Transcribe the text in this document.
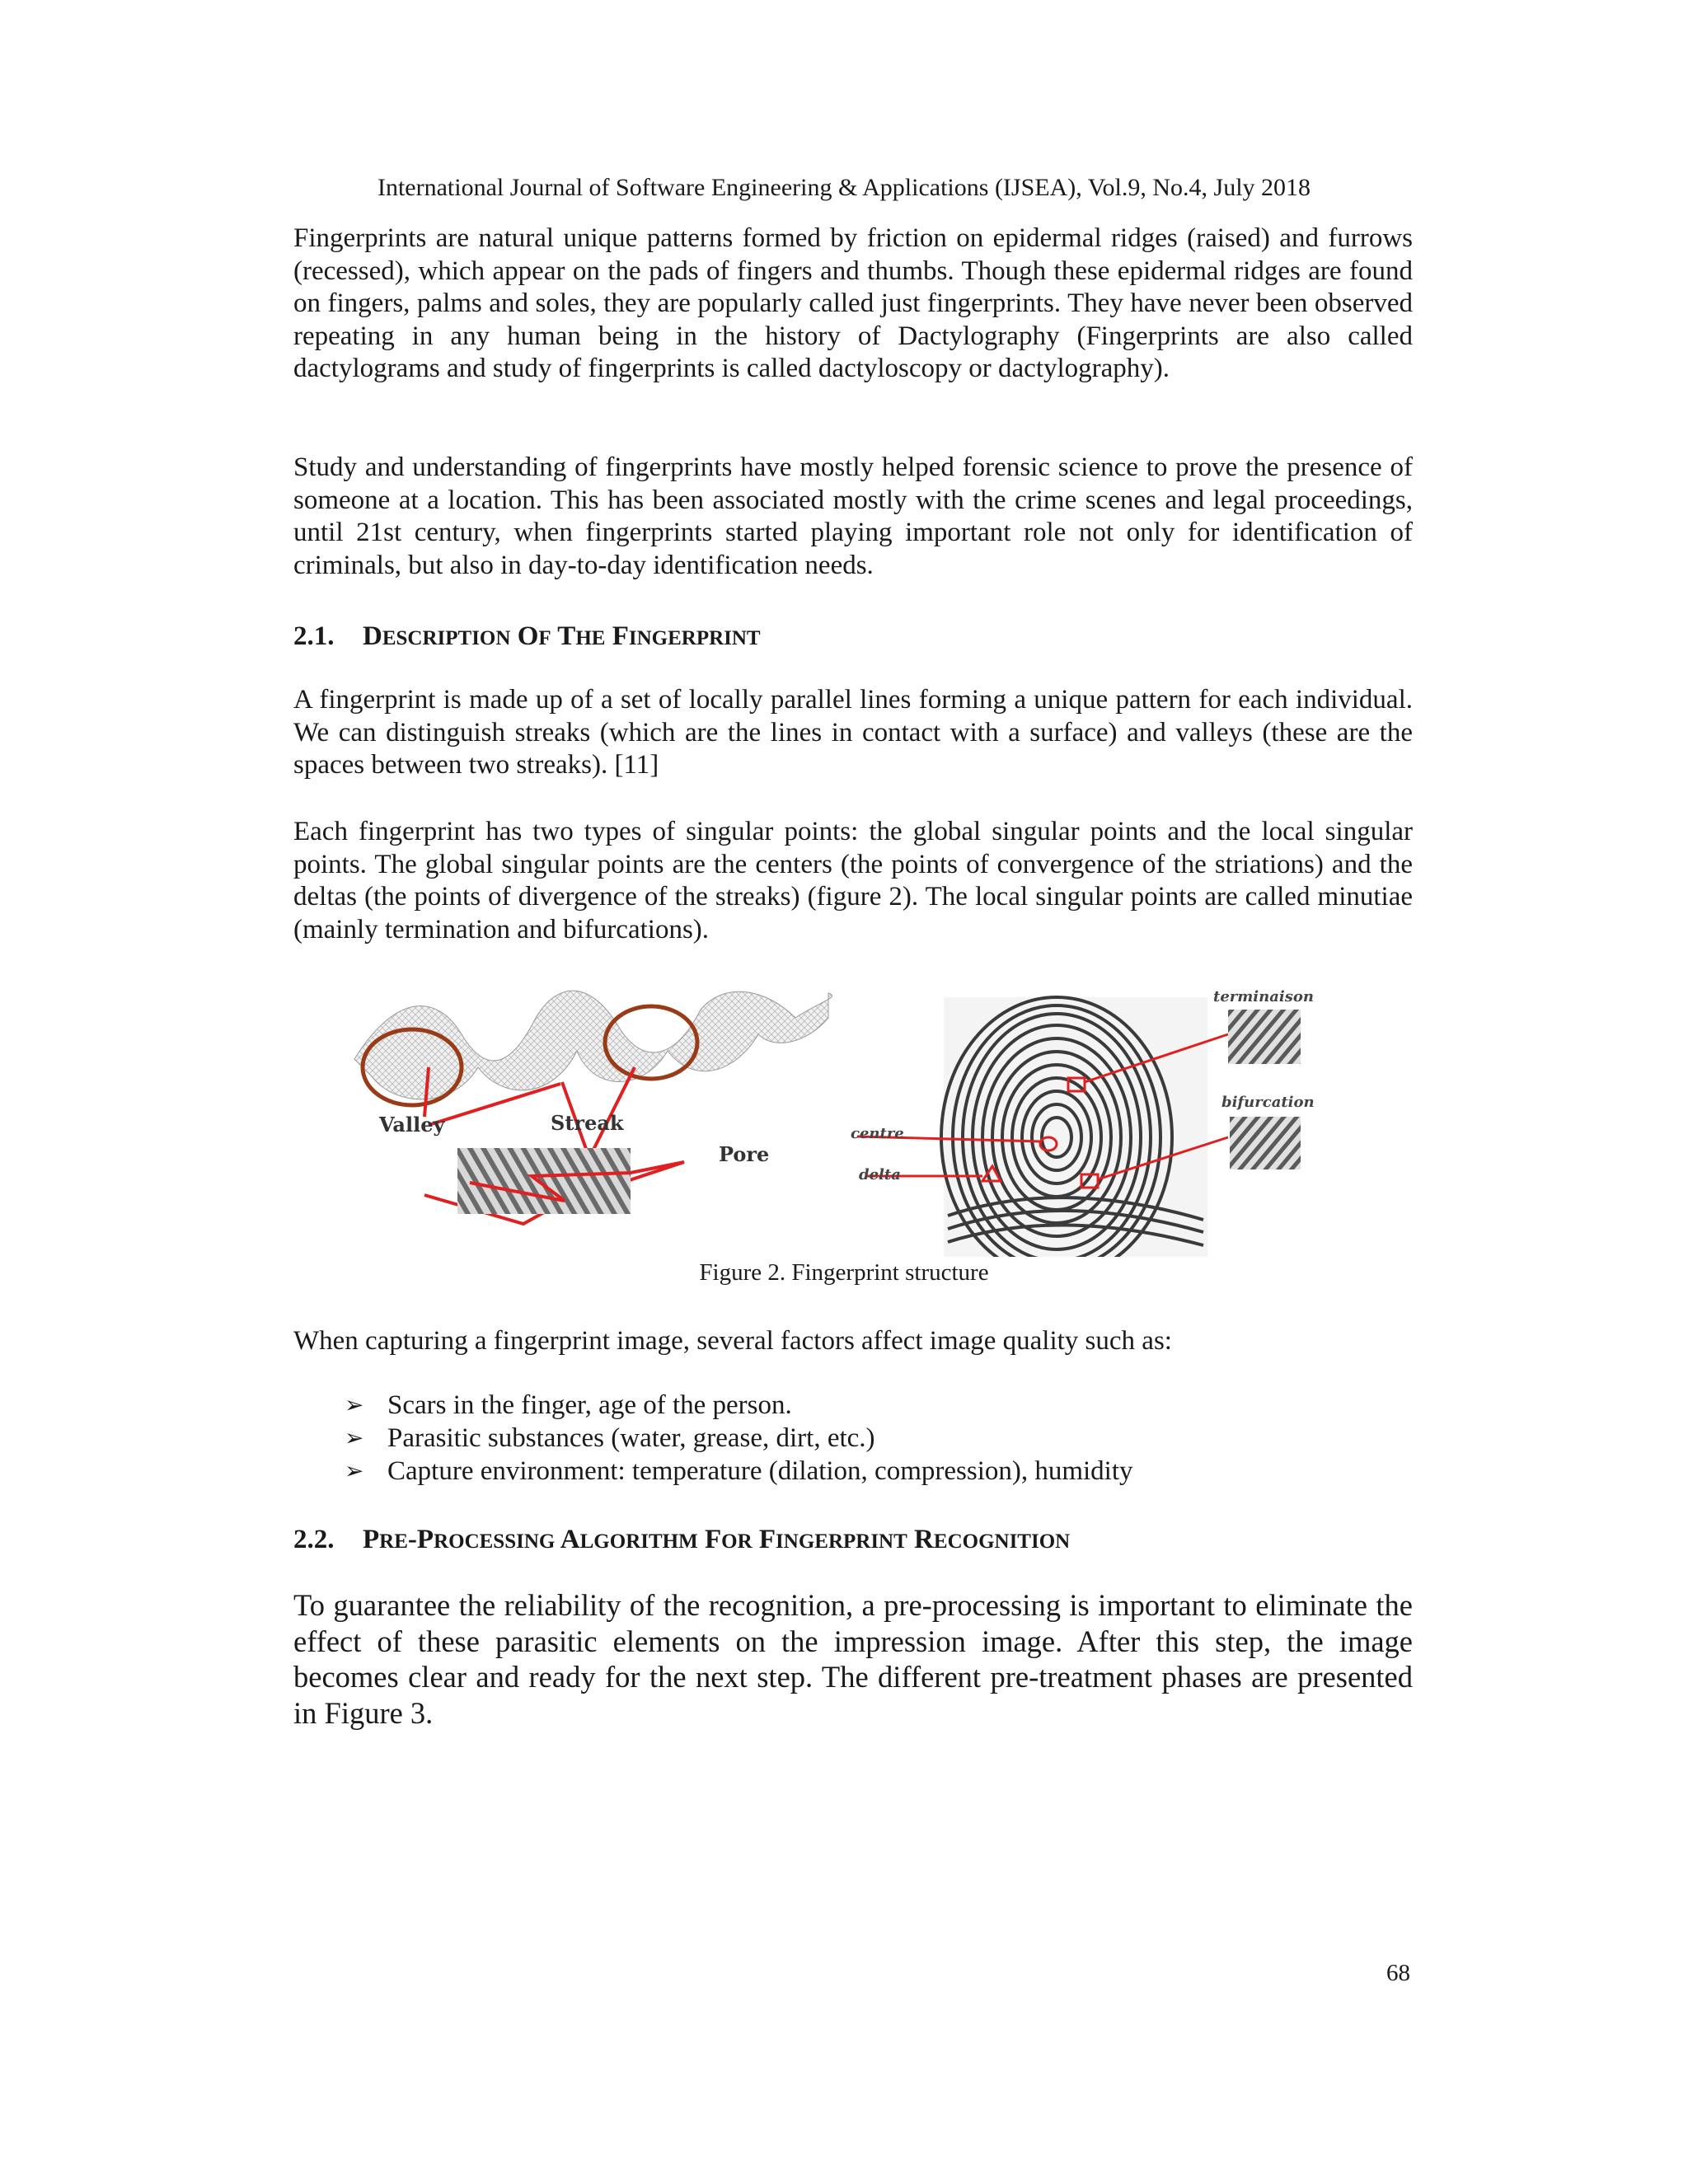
International Journal of Software Engineering & Applications (IJSEA), Vol.9, No.4, July 2018

Fingerprints are natural unique patterns formed by friction on epidermal ridges (raised) and furrows (recessed), which appear on the pads of fingers and thumbs. Though these epidermal ridges are found on fingers, palms and soles, they are popularly called just fingerprints. They have never been observed repeating in any human being in the history of Dactylography (Fingerprints are also called dactylograms and study of fingerprints is called dactyloscopy or dactylography).

Study and understanding of fingerprints have mostly helped forensic science to prove the presence of someone at a location. This has been associated mostly with the crime scenes and legal proceedings, until 21st century, when fingerprints started playing important role not only for identification of criminals, but also in day-to-day identification needs.

2.1. DESCRIPTION OF THE FINGERPRINT

A fingerprint is made up of a set of locally parallel lines forming a unique pattern for each individual. We can distinguish streaks (which are the lines in contact with a surface) and valleys (these are the spaces between two streaks). [11]

Each fingerprint has two types of singular points: the global singular points and the local singular points. The global singular points are the centers (the points of convergence of the striations) and the deltas (the points of divergence of the streaks) (figure 2). The local singular points are called minutiae (mainly termination and bifurcations).

Valley	Streak
Pore
centre
delta
terminaison
bifurcation
Figure 2. Fingerprint structure

When capturing a fingerprint image, several factors affect image quality such as:

➢ Scars in the finger, age of the person.
➢ Parasitic substances (water, grease, dirt, etc.)
➢ Capture environment: temperature (dilation, compression), humidity
2.2. PRE-PROCESSING ALGORITHM FOR FINGERPRINT RECOGNITION

To guarantee the reliability of the recognition, a pre-processing is important to eliminate the effect of these parasitic elements on the impression image. After this step, the image becomes clear and ready for the next step. The different pre-treatment phases are presented in Figure 3.

68
